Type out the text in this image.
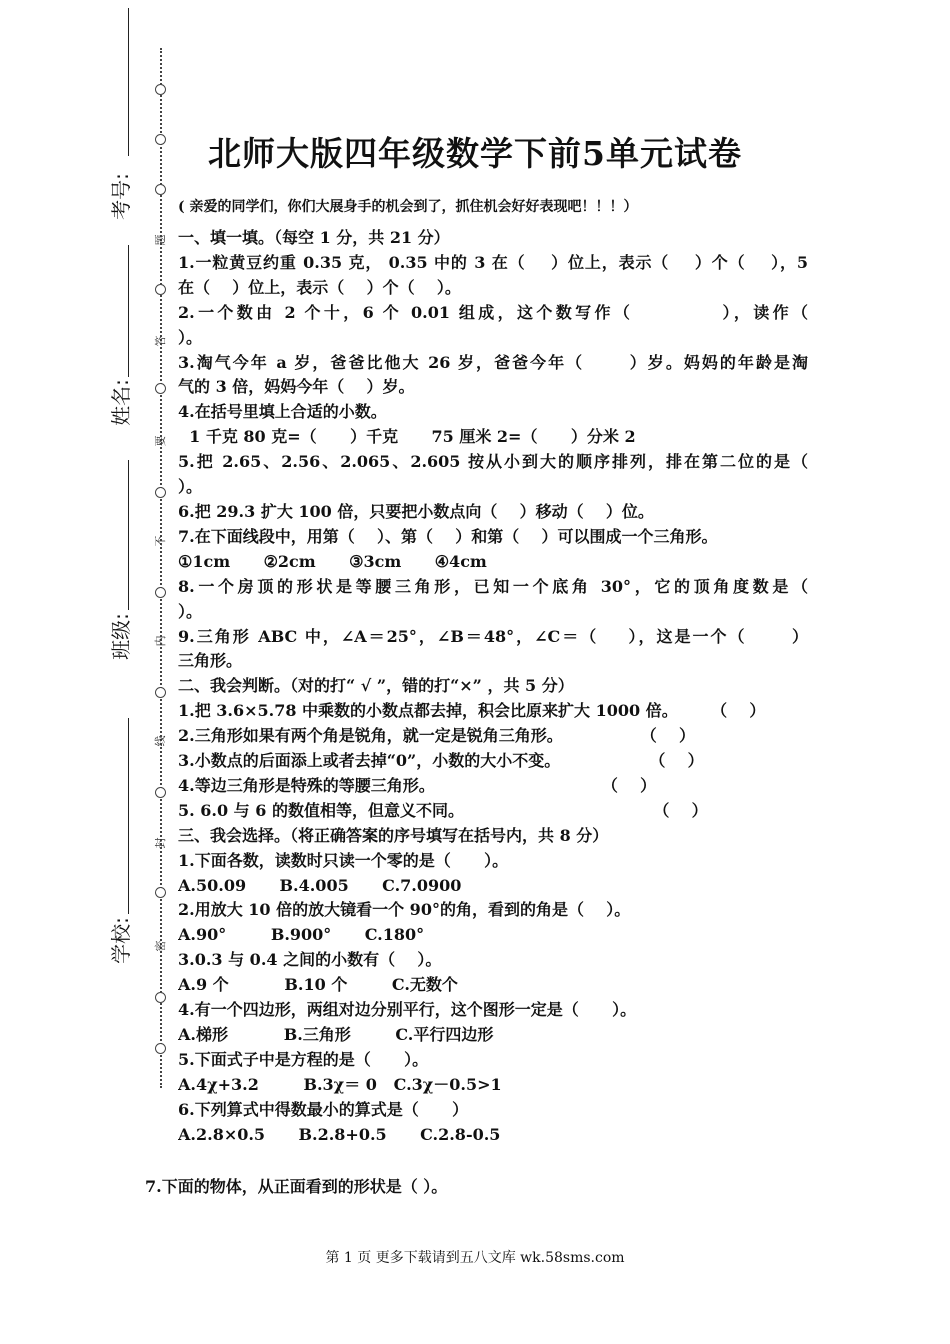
考号:
姓名:
班级:
学校:
题
答
要
不
内
线
封
密
北师大版四年级数学下前5单元试卷
( 亲爱的同学们，你们大展身手的机会到了，抓住机会好好表现吧！！！）
一、填一填。（每空 1 分，共 21 分）
1.一粒黄豆约重 0.35 克， 0.35 中的 3 在（    ）位上，表示（    ）个（    ），5
在（    ）位上，表示（    ）个（    ）。
2.一个数由 2 个十，6 个 0.01 组成，这个数写作（          ），读作（
）。
3.淘气今年 a 岁，爸爸比他大 26 岁，爸爸今年（      ）岁。妈妈的年龄是淘
气的 3 倍，妈妈今年（    ）岁。
4.在括号里填上合适的小数。
1 千克 80 克=（      ）千克      75 厘米 2=（      ）分米 2
5.把 2.65、2.56、2.065、2.605 按从小到大的顺序排列，排在第二位的是（
）。
6.把 29.3 扩大 100 倍，只要把小数点向（    ）移动（    ）位。
7.在下面线段中，用第（    ）、第（    ）和第（    ）可以围成一个三角形。
①1cm      ②2cm      ③3cm      ④4cm
8.一个房顶的形状是等腰三角形，已知一个底角 30°，它的顶角度数是（
）。
9.三角形 ABC 中，∠A＝25°，∠B＝48°，∠C＝（    ），这是一个（      ）
三角形。
二、我会判断。（对的打“ √ ”，错的打“×” ，共 5 分）
1.把 3.6×5.78 中乘数的小数点都去掉，积会比原来扩大 1000 倍。      （    ）
2.三角形如果有两个角是锐角，就一定是锐角三角形。              （    ）
3.小数点的后面添上或者去掉“0”，小数的大小不变。                （    ）
4.等边三角形是特殊的等腰三角形。                              （    ）
5. 6.0 与 6 的数值相等，但意义不同。                                  （    ）
三、我会选择。（将正确答案的序号填写在括号内，共 8 分）
1.下面各数，读数时只读一个零的是（      ）。
A.50.09      B.4.005      C.7.0900
2.用放大 10 倍的放大镜看一个 90°的角，看到的角是（    ）。
A.90°        B.900°      C.180°
3.0.3 与 0.4 之间的小数有（    ）。
A.9 个          B.10 个        C.无数个
4.有一个四边形，两组对边分别平行，这个图形一定是（      ）。
A.梯形          B.三角形        C.平行四边形
5.下面式子中是方程的是（      ）。
A.4χ+3.2        B.3χ＝ 0   C.3χ－0.5>1
6.下列算式中得数最小的算式是（      ）
A.2.8×0.5      B.2.8+0.5      C.2.8-0.5
7.下面的物体，从正面看到的形状是（ ）。
第 1 页 更多下载请到五八文库 wk.58sms.com
